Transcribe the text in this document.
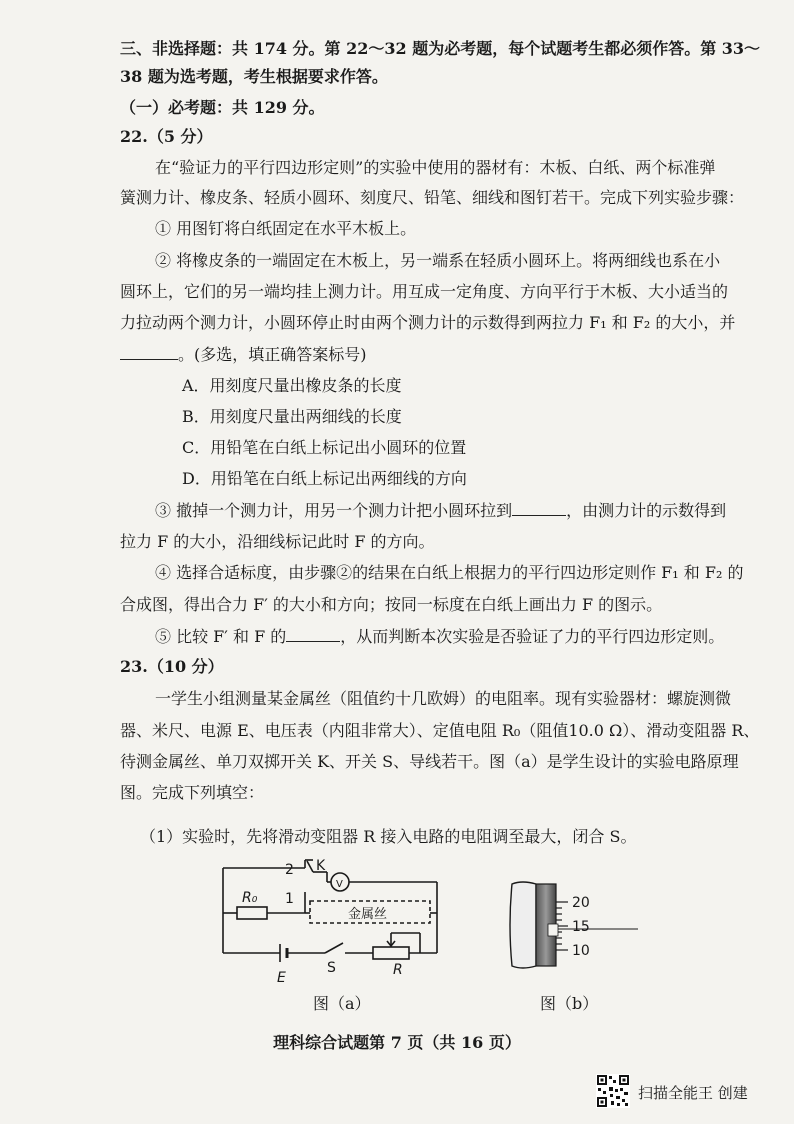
三、非选择题：共 174 分。第 22～32 题为必考题，每个试题考生都必须作答。第 33～
38 题为选考题，考生根据要求作答。
（一）必考题：共 129 分。
22.（5 分）
在“验证力的平行四边形定则”的实验中使用的器材有：木板、白纸、两个标准弹
簧测力计、橡皮条、轻质小圆环、刻度尺、铅笔、细线和图钉若干。完成下列实验步骤：
① 用图钉将白纸固定在水平木板上。
② 将橡皮条的一端固定在木板上，另一端系在轻质小圆环上。将两细线也系在小
圆环上，它们的另一端均挂上测力计。用互成一定角度、方向平行于木板、大小适当的
力拉动两个测力计，小圆环停止时由两个测力计的示数得到两拉力 F₁ 和 F₂ 的大小，并
。(多选，填正确答案标号)
A．用刻度尺量出橡皮条的长度
B．用刻度尺量出两细线的长度
C．用铅笔在白纸上标记出小圆环的位置
D．用铅笔在白纸上标记出两细线的方向
③ 撤掉一个测力计，用另一个测力计把小圆环拉到	，由测力计的示数得到
拉力 F 的大小，沿细线标记此时 F 的方向。
④ 选择合适标度，由步骤②的结果在白纸上根据力的平行四边形定则作 F₁ 和 F₂ 的
合成图，得出合力 F′ 的大小和方向；按同一标度在白纸上画出力 F 的图示。
⑤ 比较 F′ 和 F 的	，从而判断本次实验是否验证了力的平行四边形定则。
23.（10 分）
一学生小组测量某金属丝（阻值约十几欧姆）的电阻率。现有实验器材：螺旋测微
器、米尺、电源 E、电压表（内阻非常大）、定值电阻 R₀（阻值10.0 Ω）、滑动变阻器 R、
待测金属丝、单刀双掷开关 K、开关 S、导线若干。图（a）是学生设计的实验电路原理
图。完成下列填空：
（1）实验时，先将滑动变阻器 R 接入电路的电阻调至最大，闭合 S。
2 K
V
1
R₀
金属丝
E
S	R
图（a）
20
15
10
图（b）
理科综合试题第 7 页（共 16 页）
扫描全能王 创建
